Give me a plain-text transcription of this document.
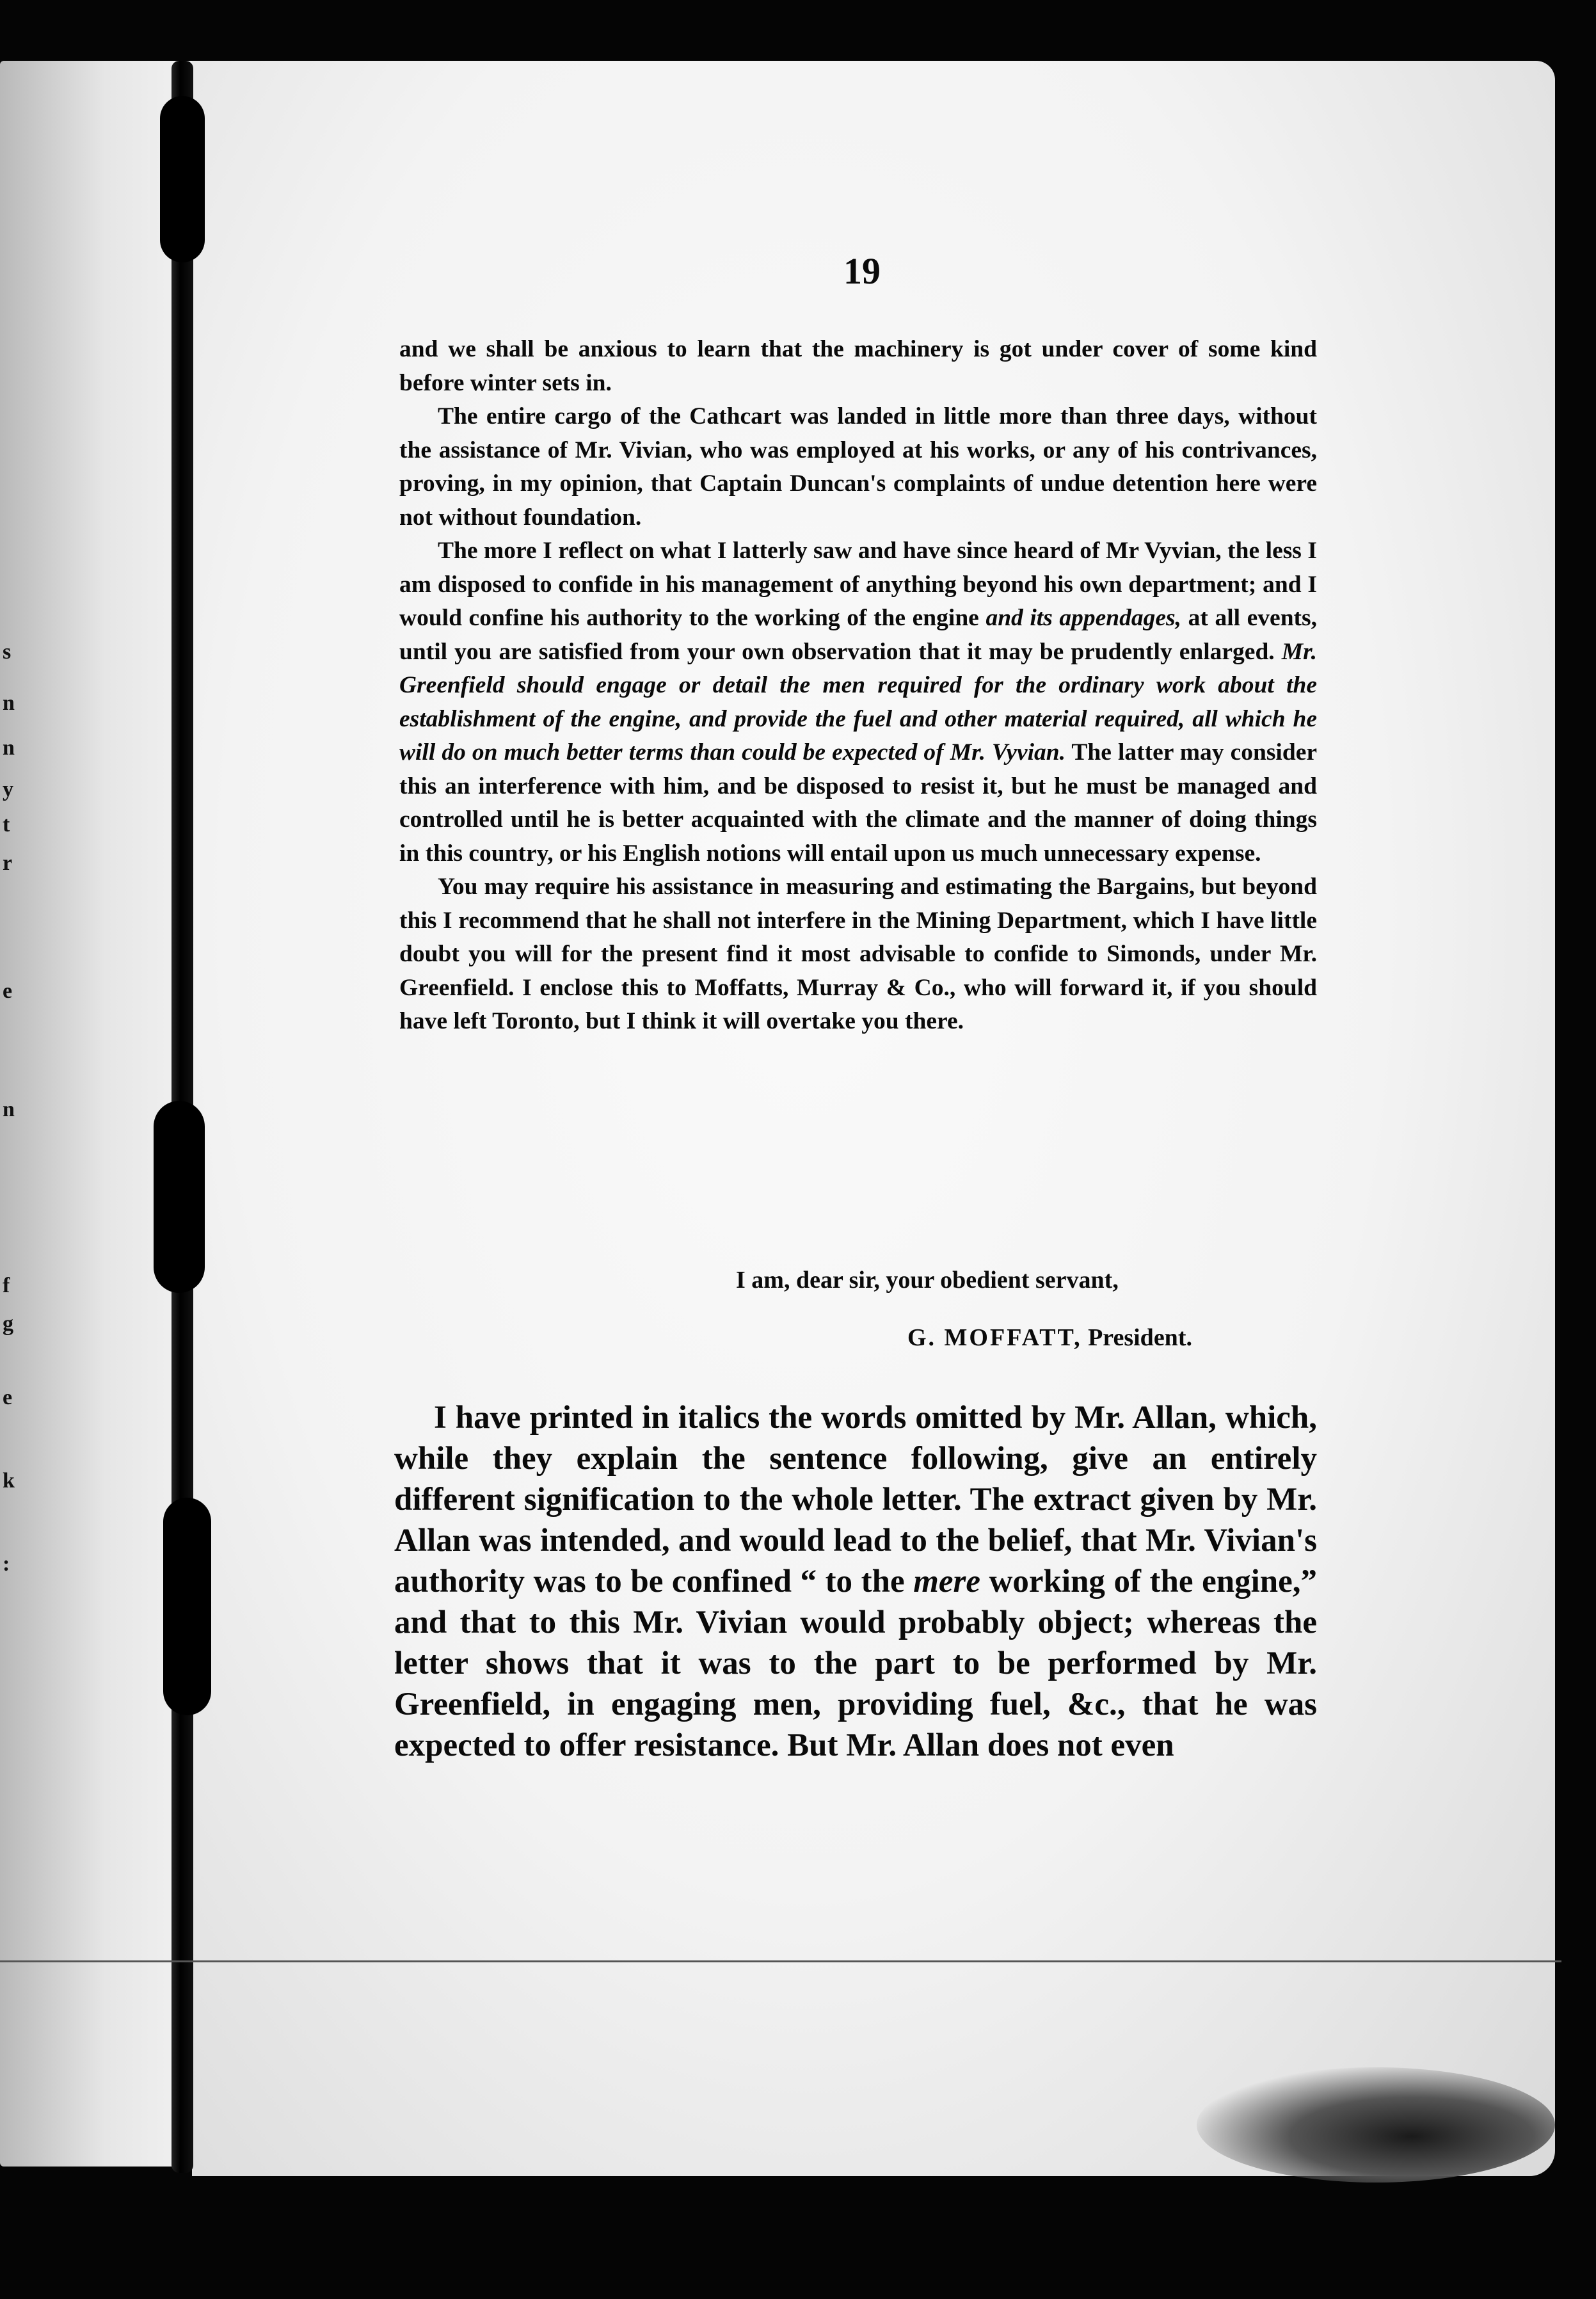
s
n
n
y
t
r
e
n
f
g
e
k
:
19

and we shall be anxious to learn that the machinery is got under cover of some kind before winter sets in.

The entire cargo of the Cathcart was landed in little more than three days, without the assistance of Mr. Vivian, who was employed at his works, or any of his contrivances, proving, in my opinion, that Captain Duncan's complaints of undue detention here were not without foundation.

The more I reflect on what I latterly saw and have since heard of Mr Vyvian, the less I am disposed to confide in his management of anything beyond his own department; and I would confine his authority to the working of the engine and its appendages, at all events, until you are satisfied from your own observation that it may be prudently enlarged. Mr. Greenfield should engage or detail the men required for the ordinary work about the establishment of the engine, and provide the fuel and other material required, all which he will do on much better terms than could be expected of Mr. Vyvian. The latter may consider this an interference with him, and be disposed to resist it, but he must be managed and controlled until he is better acquainted with the climate and the manner of doing things in this country, or his English notions will entail upon us much unnecessary expense.

You may require his assistance in measuring and estimating the Bargains, but beyond this I recommend that he shall not interfere in the Mining Department, which I have little doubt you will for the present find it most advisable to confide to Simonds, under Mr. Greenfield. I enclose this to Moffatts, Murray & Co., who will forward it, if you should have left Toronto, but I think it will overtake you there.

I am, dear sir, your obedient servant,
G. MOFFATT, President.

I have printed in italics the words omitted by Mr. Allan, which, while they explain the sentence following, give an entirely different signification to the whole letter. The extract given by Mr. Allan was intended, and would lead to the belief, that Mr. Vivian's authority was to be confined “ to the mere working of the engine,” and that to this Mr. Vivian would probably object; whereas the letter shows that it was to the part to be performed by Mr. Greenfield, in engaging men, providing fuel, &c., that he was expected to offer resistance. But Mr. Allan does not even
